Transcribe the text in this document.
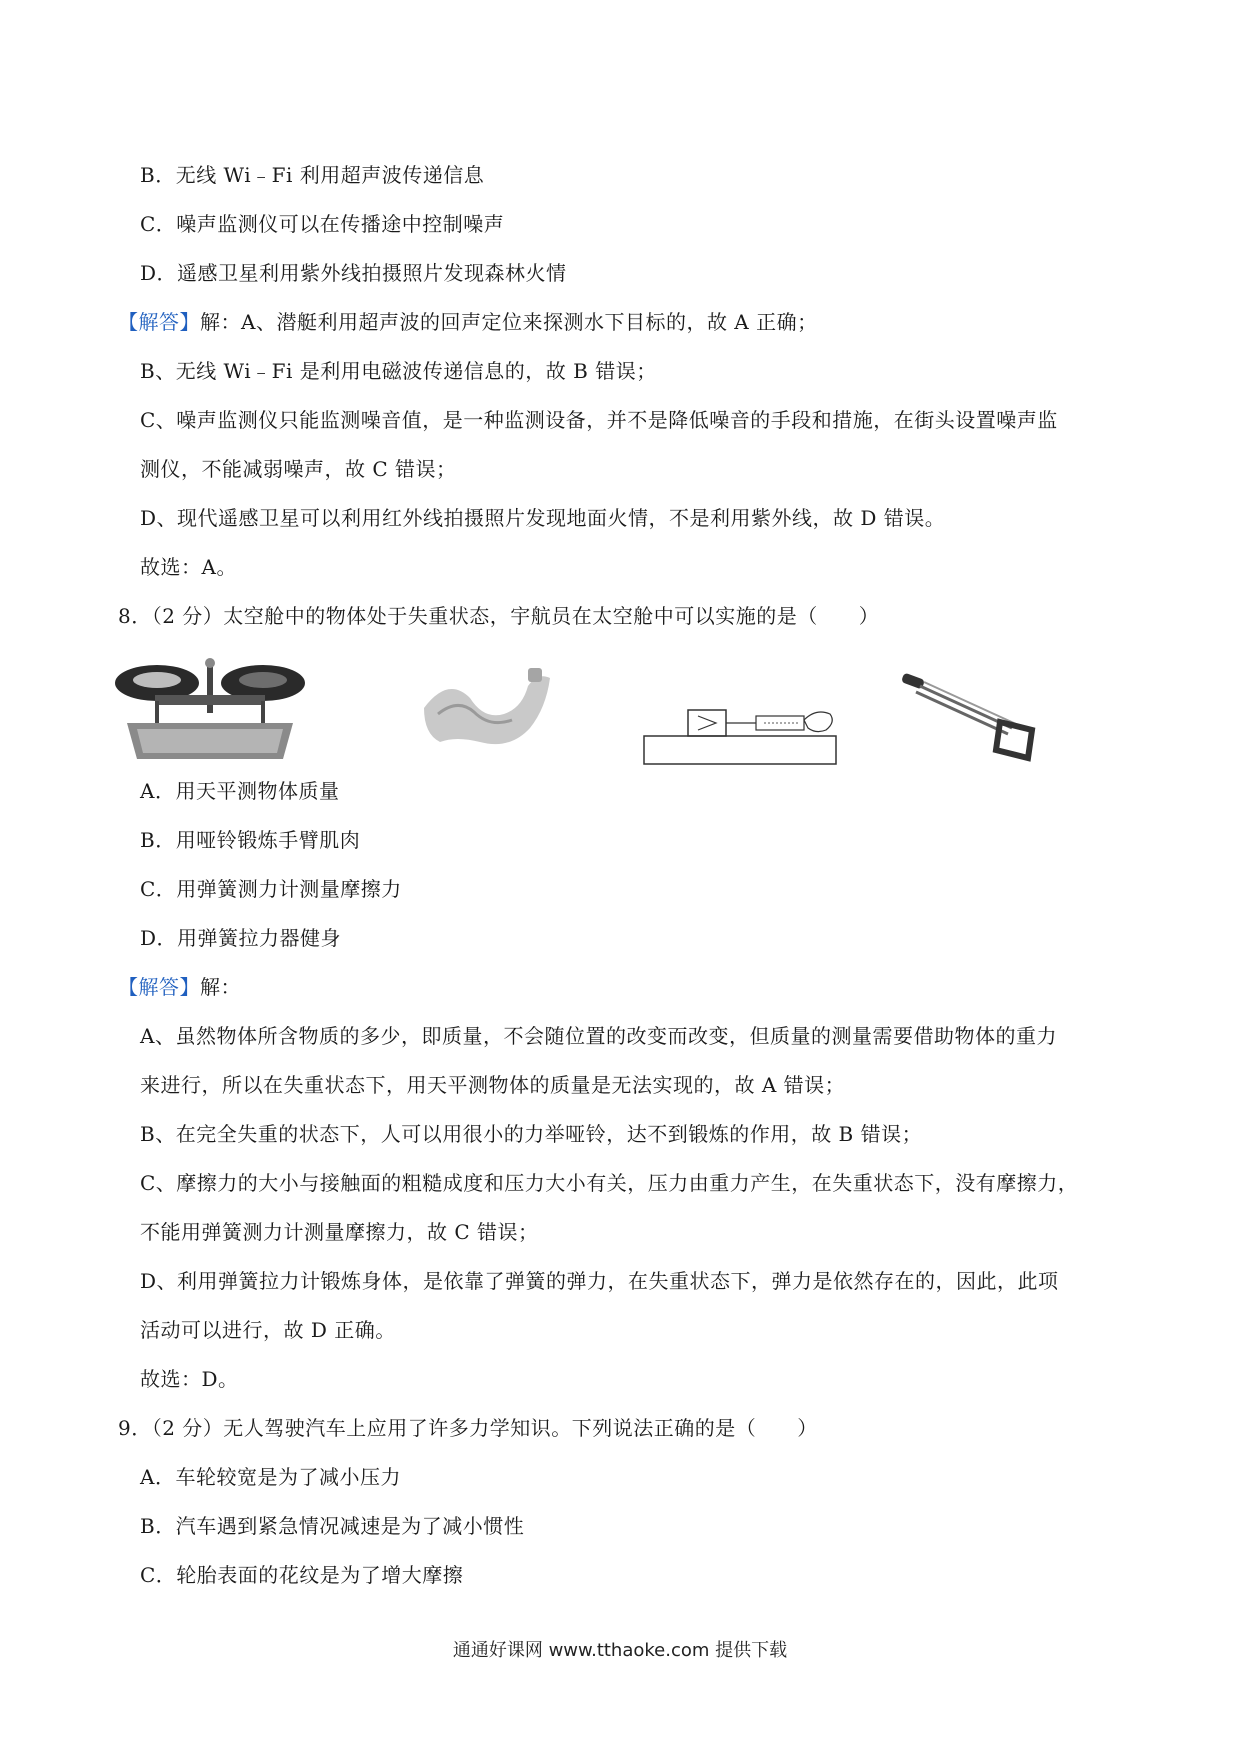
B．无线 Wi﹣Fi 利用超声波传递信息
C．噪声监测仪可以在传播途中控制噪声
D．遥感卫星利用紫外线拍摄照片发现森林火情
【解答】解：A、潜艇利用超声波的回声定位来探测水下目标的，故 A 正确；
B、无线 Wi﹣Fi 是利用电磁波传递信息的，故 B 错误；
C、噪声监测仪只能监测噪音值，是一种监测设备，并不是降低噪音的手段和措施，在街头设置噪声监
测仪，不能减弱噪声，故 C 错误；
D、现代遥感卫星可以利用红外线拍摄照片发现地面火情，不是利用紫外线，故 D 错误。
故选：A。
8．（2 分）太空舱中的物体处于失重状态，宇航员在太空舱中可以实施的是（　　）
A．用天平测物体质量
B．用哑铃锻炼手臂肌肉
C．用弹簧测力计测量摩擦力
D．用弹簧拉力器健身
【解答】解：
A、虽然物体所含物质的多少，即质量，不会随位置的改变而改变，但质量的测量需要借助物体的重力
来进行，所以在失重状态下，用天平测物体的质量是无法实现的，故 A 错误；
B、在完全失重的状态下，人可以用很小的力举哑铃，达不到锻炼的作用，故 B 错误；
C、摩擦力的大小与接触面的粗糙成度和压力大小有关，压力由重力产生，在失重状态下，没有摩擦力，
不能用弹簧测力计测量摩擦力，故 C 错误；
D、利用弹簧拉力计锻炼身体，是依靠了弹簧的弹力，在失重状态下，弹力是依然存在的，因此，此项
活动可以进行，故 D 正确。
故选：D。
9．（2 分）无人驾驶汽车上应用了许多力学知识。下列说法正确的是（　　）
A．车轮较宽是为了减小压力
B．汽车遇到紧急情况减速是为了减小惯性
C．轮胎表面的花纹是为了增大摩擦
通通好课网 www.tthaoke.com 提供下载
